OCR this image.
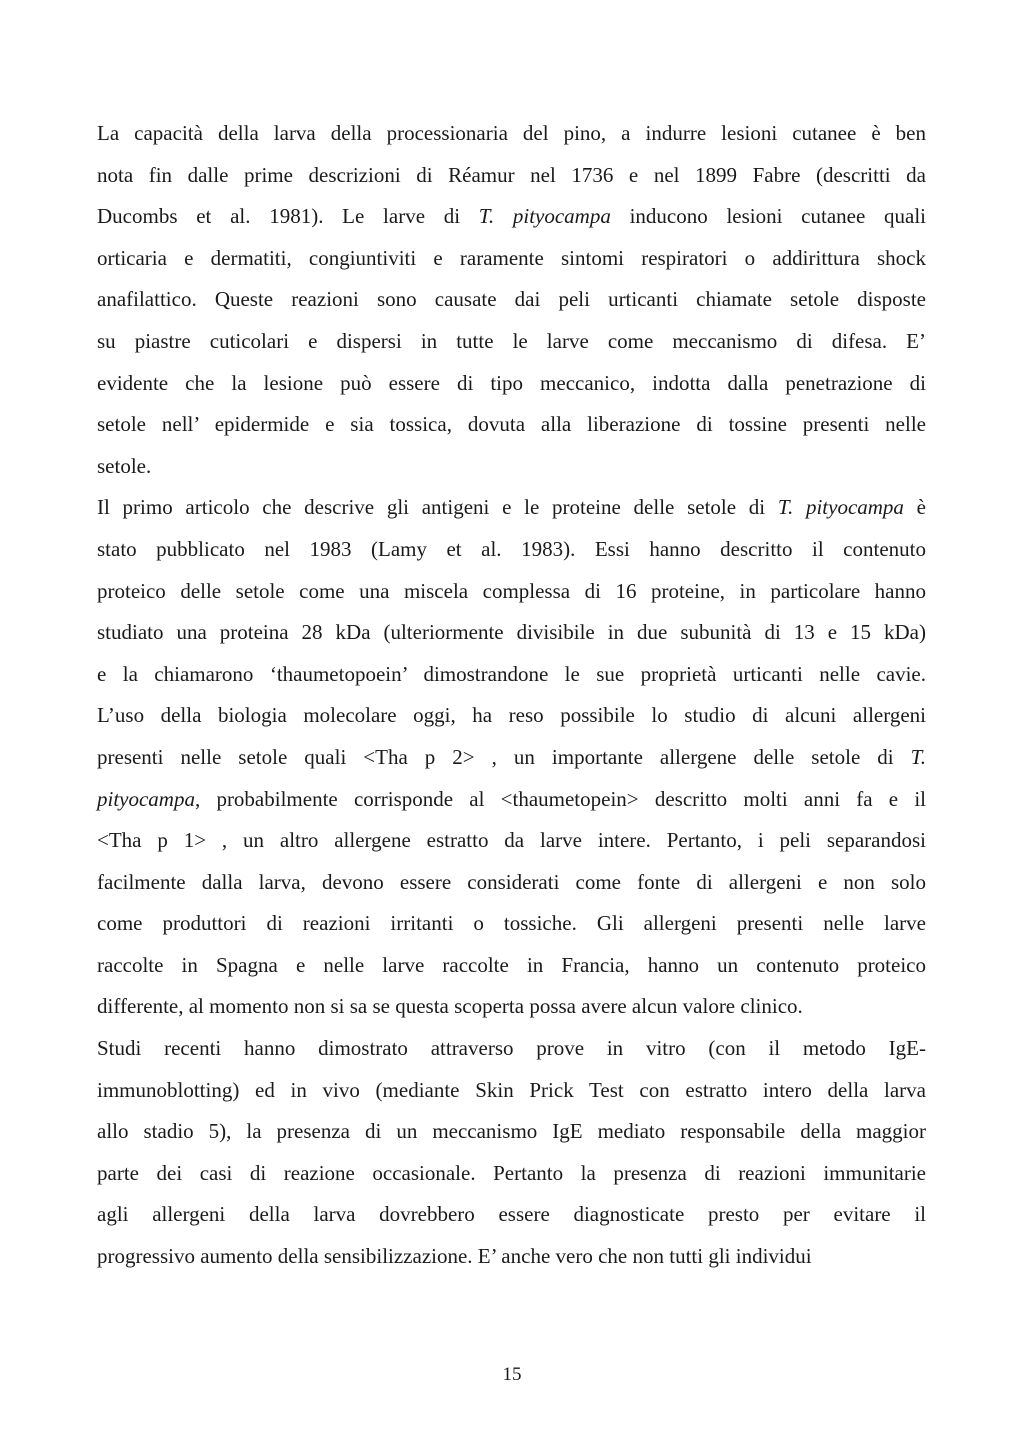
La capacità della larva della processionaria del pino, a indurre lesioni cutanee è ben
nota fin dalle prime descrizioni di Réamur nel 1736 e nel 1899 Fabre (descritti da
Ducombs et al. 1981). Le larve di T. pityocampa inducono lesioni cutanee quali
orticaria e dermatiti, congiuntiviti e raramente sintomi respiratori o addirittura shock
anafilattico. Queste reazioni sono causate dai peli urticanti chiamate setole disposte
su piastre cuticolari e dispersi in tutte le larve come meccanismo di difesa. E’
evidente che la lesione può essere di tipo meccanico, indotta dalla penetrazione di
setole nell’ epidermide e sia tossica, dovuta alla liberazione di tossine presenti nelle
setole.

Il primo articolo che descrive gli antigeni e le proteine delle setole di T. pityocampa è
stato pubblicato nel 1983 (Lamy et al. 1983). Essi hanno descritto il contenuto
proteico delle setole come una miscela complessa di 16 proteine, in particolare hanno
studiato una proteina 28 kDa (ulteriormente divisibile in due subunità di 13 e 15 kDa)
e la chiamarono ‘thaumetopoein’ dimostrandone le sue proprietà urticanti nelle cavie.
L’uso della biologia molecolare oggi, ha reso possibile lo studio di alcuni allergeni
presenti nelle setole quali <Tha p 2> , un importante allergene delle setole di T.
pityocampa, probabilmente corrisponde al <thaumetopein> descritto molti anni fa e il
<Tha p 1> , un altro allergene estratto da larve intere. Pertanto, i peli separandosi
facilmente dalla larva, devono essere considerati come fonte di allergeni e non solo
come produttori di reazioni irritanti o tossiche. Gli allergeni presenti nelle larve
raccolte in Spagna e nelle larve raccolte in Francia, hanno un contenuto proteico
differente, al momento non si sa se questa scoperta possa avere alcun valore clinico.

Studi recenti hanno dimostrato attraverso prove in vitro (con il metodo IgE-
immunoblotting) ed in vivo (mediante Skin Prick Test con estratto intero della larva
allo stadio 5), la presenza di un meccanismo IgE mediato responsabile della maggior
parte dei casi di reazione occasionale. Pertanto la presenza di reazioni immunitarie
agli allergeni della larva dovrebbero essere diagnosticate presto per evitare il
progressivo aumento della sensibilizzazione. E’ anche vero che non tutti gli individui

15
